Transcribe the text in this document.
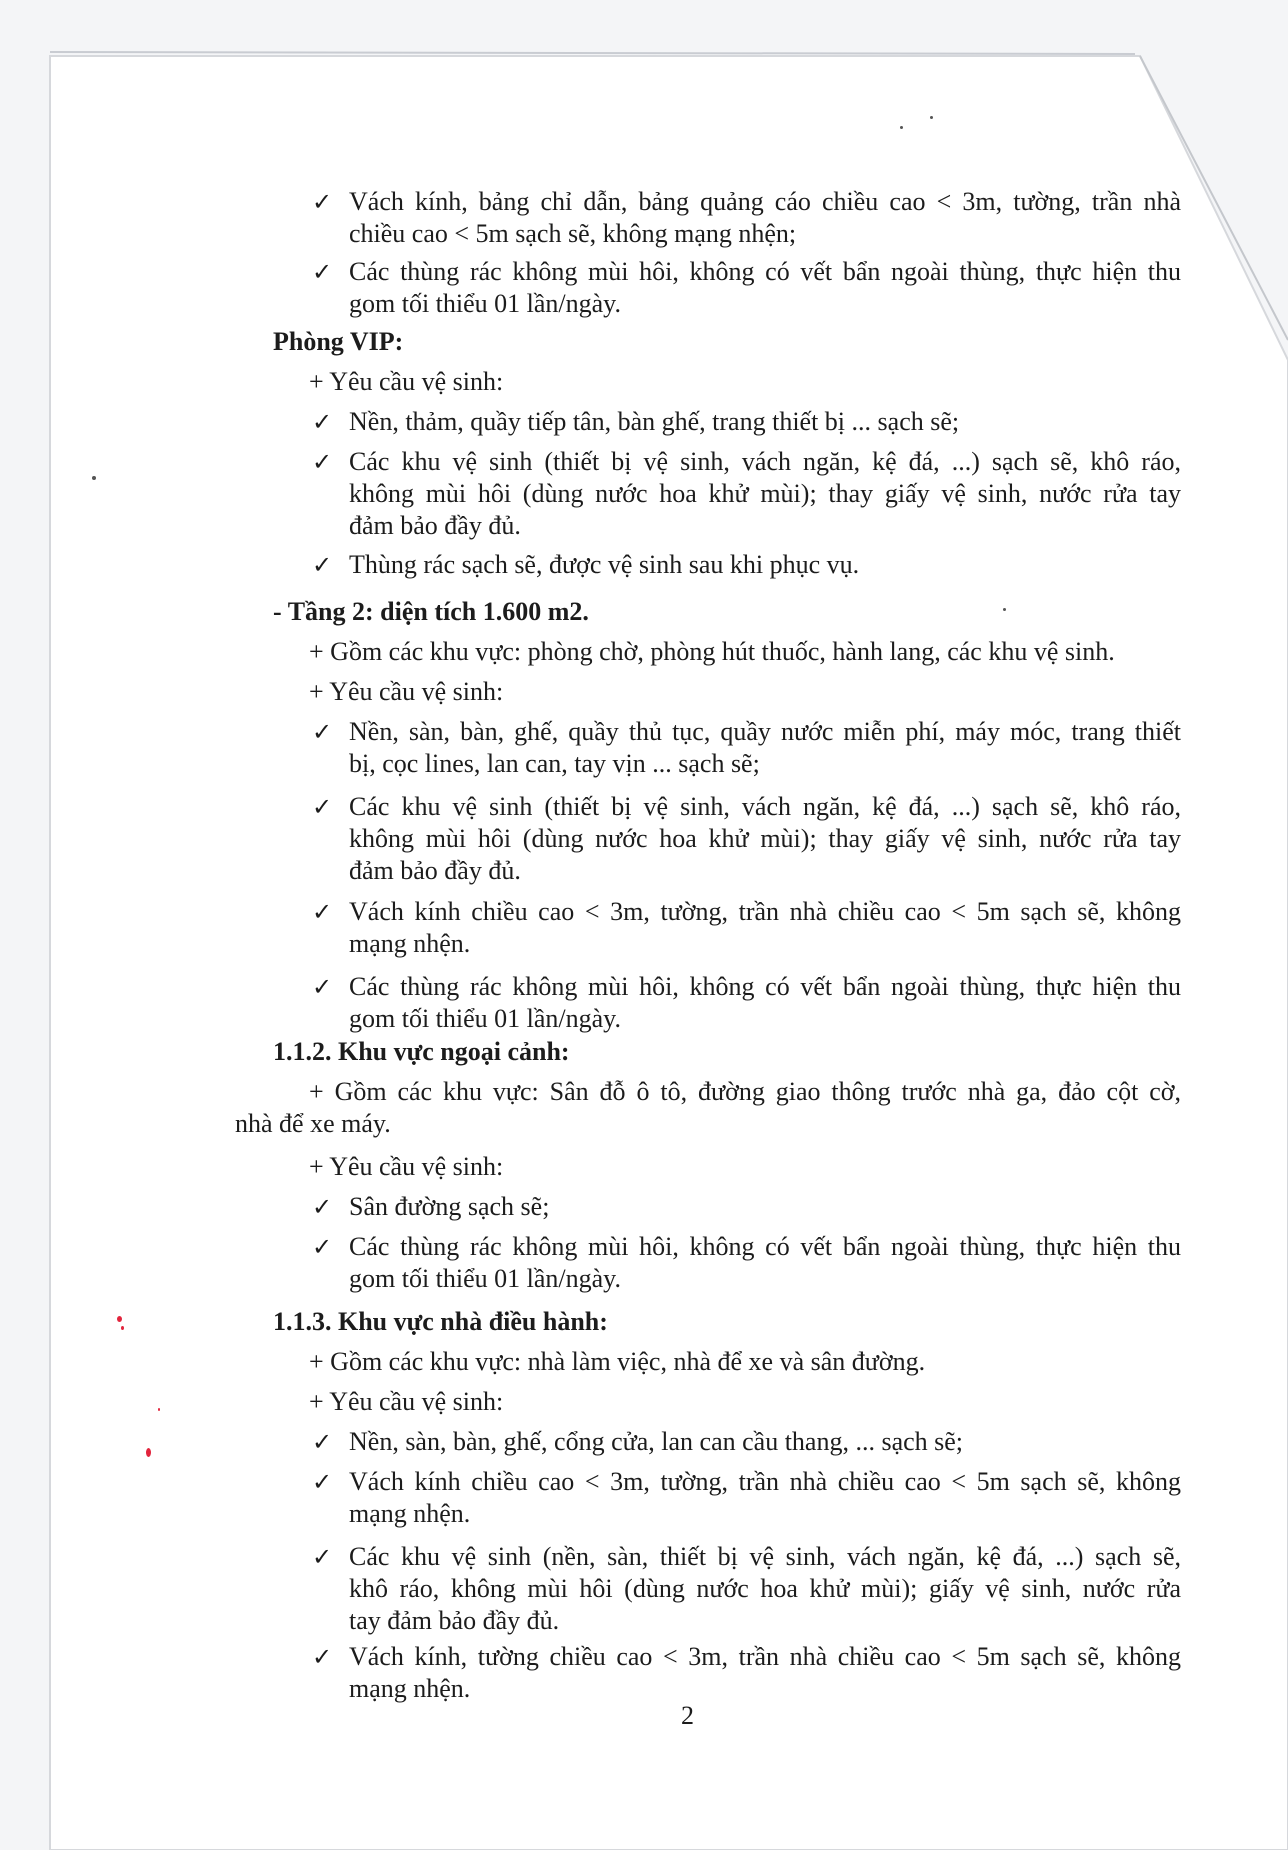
✓ Vách kính, bảng chỉ dẫn, bảng quảng cáo chiều cao < 3m, tường, trần nhà
chiều cao < 5m sạch sẽ, không mạng nhện;
✓ Các thùng rác không mùi hôi, không có vết bẩn ngoài thùng, thực hiện thu
gom tối thiểu 01 lần/ngày.
Phòng VIP:
+ Yêu cầu vệ sinh:
✓ Nền, thảm, quầy tiếp tân, bàn ghế, trang thiết bị ... sạch sẽ;
✓ Các khu vệ sinh (thiết bị vệ sinh, vách ngăn, kệ đá, ...) sạch sẽ, khô ráo,
không mùi hôi (dùng nước hoa khử mùi); thay giấy vệ sinh, nước rửa tay
đảm bảo đầy đủ.
✓ Thùng rác sạch sẽ, được vệ sinh sau khi phục vụ.
- Tầng 2: diện tích 1.600 m2.
+ Gồm các khu vực: phòng chờ, phòng hút thuốc, hành lang, các khu vệ sinh.
+ Yêu cầu vệ sinh:
✓ Nền, sàn, bàn, ghế, quầy thủ tục, quầy nước miễn phí, máy móc, trang thiết
bị, cọc lines, lan can, tay vịn ... sạch sẽ;
✓ Các khu vệ sinh (thiết bị vệ sinh, vách ngăn, kệ đá, ...) sạch sẽ, khô ráo,
không mùi hôi (dùng nước hoa khử mùi); thay giấy vệ sinh, nước rửa tay
đảm bảo đầy đủ.
✓ Vách kính chiều cao < 3m, tường, trần nhà chiều cao < 5m sạch sẽ, không
mạng nhện.
✓ Các thùng rác không mùi hôi, không có vết bẩn ngoài thùng, thực hiện thu
gom tối thiểu 01 lần/ngày.
1.1.2. Khu vực ngoại cảnh:
+ Gồm các khu vực: Sân đỗ ô tô, đường giao thông trước nhà ga, đảo cột cờ,
nhà để xe máy.
+ Yêu cầu vệ sinh:
✓ Sân đường sạch sẽ;
✓ Các thùng rác không mùi hôi, không có vết bẩn ngoài thùng, thực hiện thu
gom tối thiểu 01 lần/ngày.
1.1.3. Khu vực nhà điều hành:
+ Gồm các khu vực: nhà làm việc, nhà để xe và sân đường.
+ Yêu cầu vệ sinh:
✓ Nền, sàn, bàn, ghế, cổng cửa, lan can cầu thang, ... sạch sẽ;
✓ Vách kính chiều cao < 3m, tường, trần nhà chiều cao < 5m sạch sẽ, không
mạng nhện.
✓ Các khu vệ sinh (nền, sàn, thiết bị vệ sinh, vách ngăn, kệ đá, ...) sạch sẽ,
khô ráo, không mùi hôi (dùng nước hoa khử mùi); giấy vệ sinh, nước rửa
tay đảm bảo đầy đủ.
✓ Vách kính, tường chiều cao < 3m, trần nhà chiều cao < 5m sạch sẽ, không
mạng nhện.
2
